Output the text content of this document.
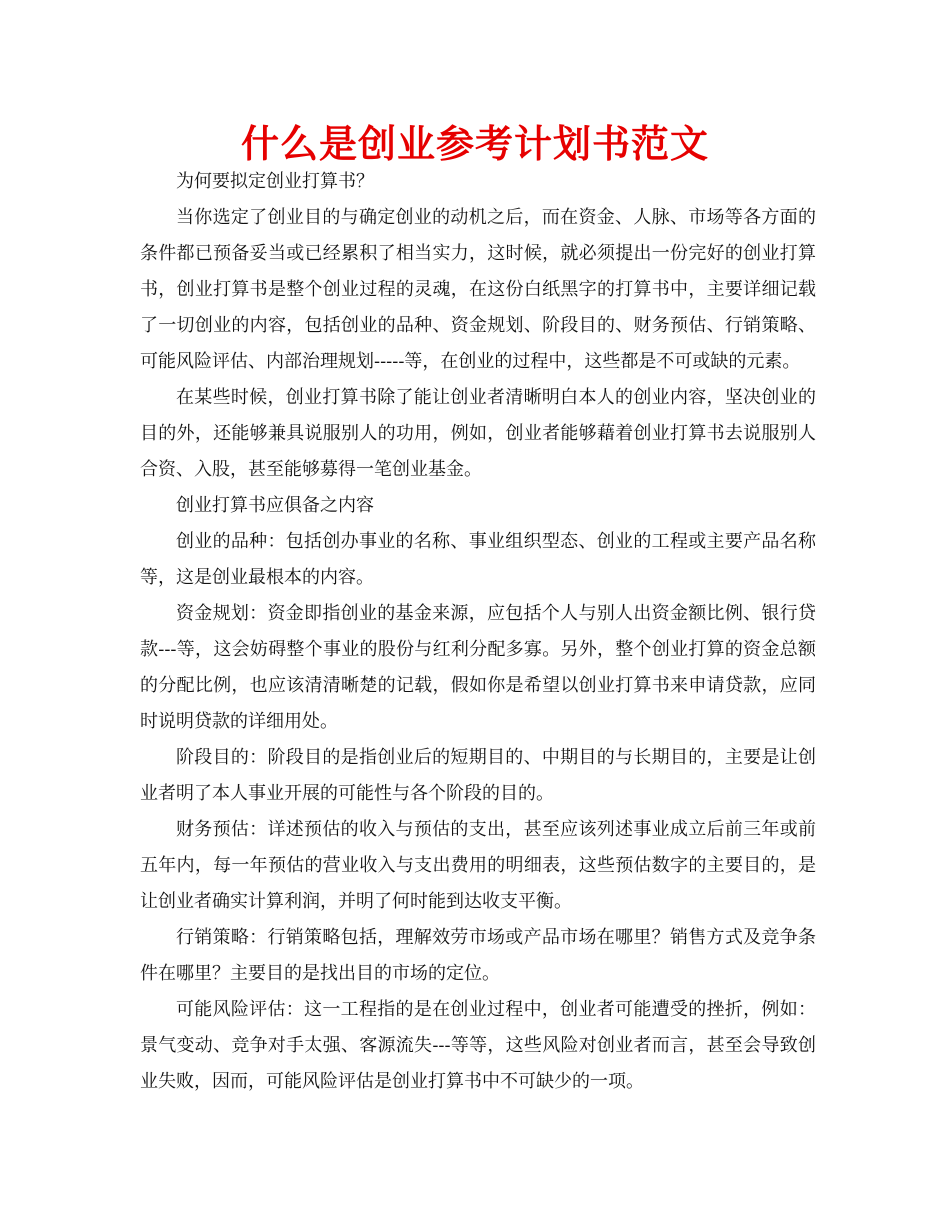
什么是创业参考计划书范文

为何要拟定创业打算书？

当你选定了创业目的与确定创业的动机之后，而在资金、人脉、市场等各方面的条件都已预备妥当或已经累积了相当实力，这时候，就必须提出一份完好的创业打算书，创业打算书是整个创业过程的灵魂，在这份白纸黑字的打算书中，主要详细记载了一切创业的内容，包括创业的品种、资金规划、阶段目的、财务预估、行销策略、可能风险评估、内部治理规划-----等，在创业的过程中，这些都是不可或缺的元素。

在某些时候，创业打算书除了能让创业者清晰明白本人的创业内容，坚决创业的目的外，还能够兼具说服别人的功用，例如，创业者能够藉着创业打算书去说服别人合资、入股，甚至能够募得一笔创业基金。

创业打算书应俱备之内容

创业的品种：包括创办事业的名称、事业组织型态、创业的工程或主要产品名称等，这是创业最根本的内容。

资金规划：资金即指创业的基金来源，应包括个人与别人出资金额比例、银行贷款---等，这会妨碍整个事业的股份与红利分配多寡。另外，整个创业打算的资金总额的分配比例，也应该清清晰楚的记载，假如你是希望以创业打算书来申请贷款，应同时说明贷款的详细用处。

阶段目的：阶段目的是指创业后的短期目的、中期目的与长期目的，主要是让创业者明了本人事业开展的可能性与各个阶段的目的。

财务预估：详述预估的收入与预估的支出，甚至应该列述事业成立后前三年或前五年内，每一年预估的营业收入与支出费用的明细表，这些预估数字的主要目的，是让创业者确实计算利润，并明了何时能到达收支平衡。

行销策略：行销策略包括，理解效劳市场或产品市场在哪里？销售方式及竞争条件在哪里？主要目的是找出目的市场的定位。

可能风险评估：这一工程指的是在创业过程中，创业者可能遭受的挫折，例如：景气变动、竞争对手太强、客源流失---等等，这些风险对创业者而言，甚至会导致创业失败，因而，可能风险评估是创业打算书中不可缺少的一项。
